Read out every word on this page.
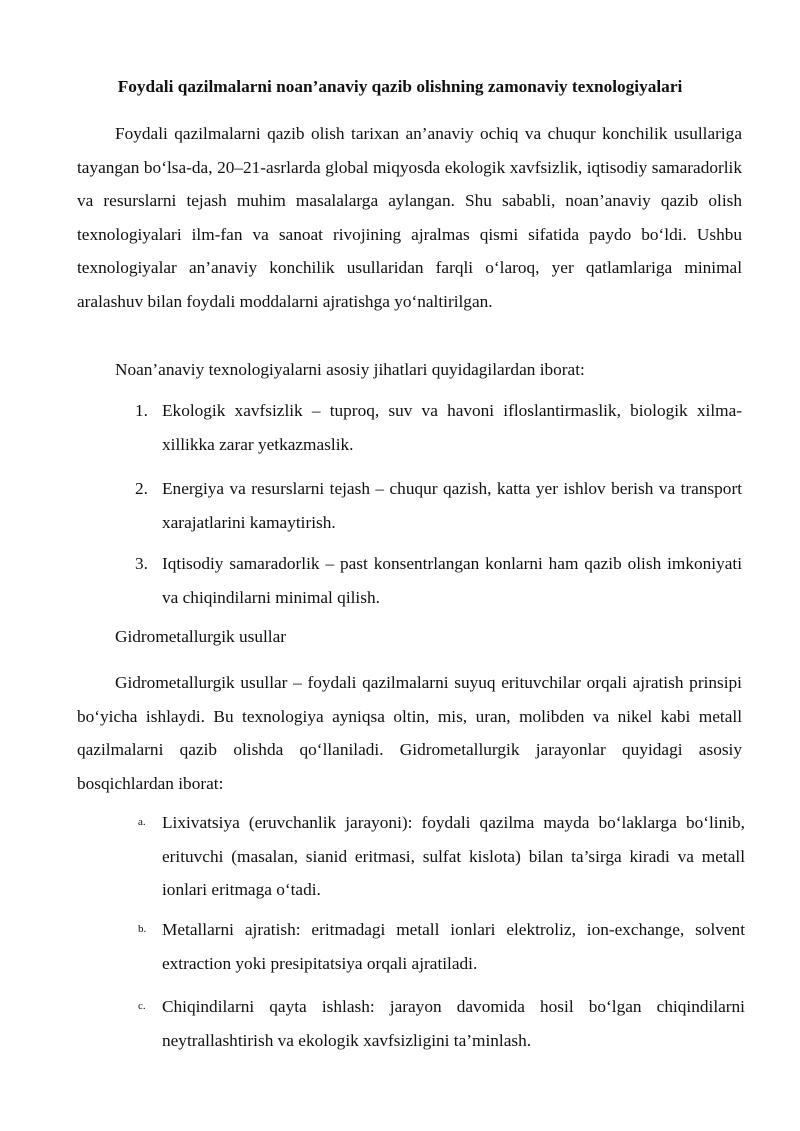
Foydali qazilmalarni noan’anaviy qazib olishning zamonaviy texnologiyalari

Foydali qazilmalarni qazib olish tarixan an’anaviy ochiq va chuqur konchilik usullariga tayangan bo‘lsa-da, 20–21-asrlarda global miqyosda ekologik xavfsizlik, iqtisodiy samaradorlik va resurslarni tejash muhim masalalarga aylangan. Shu sababli, noan’anaviy qazib olish texnologiyalari ilm-fan va sanoat rivojining ajralmas qismi sifatida paydo bo‘ldi. Ushbu texnologiyalar an’anaviy konchilik usullaridan farqli o‘laroq, yer qatlamlariga minimal aralashuv bilan foydali moddalarni ajratishga yo‘naltirilgan.

Noan’anaviy texnologiyalarni asosiy jihatlari quyidagilardan iborat:

1. Ekologik xavfsizlik – tuproq, suv va havoni ifloslantirmaslik, biologik xilma-xillikka zarar yetkazmaslik.
2. Energiya va resurslarni tejash – chuqur qazish, katta yer ishlov berish va transport xarajatlarini kamaytirish.
3. Iqtisodiy samaradorlik – past konsentrlangan konlarni ham qazib olish imkoniyati va chiqindilarni minimal qilish.

Gidrometallurgik usullar

Gidrometallurgik usullar – foydali qazilmalarni suyuq erituvchilar orqali ajratish prinsipi bo‘yicha ishlaydi. Bu texnologiya ayniqsa oltin, mis, uran, molibden va nikel kabi metall qazilmalarni qazib olishda qo‘llaniladi. Gidrometallurgik jarayonlar quyidagi asosiy bosqichlardan iborat:

a. Lixivatsiya (eruvchanlik jarayoni): foydali qazilma mayda bo‘laklarga bo‘linib, erituvchi (masalan, sianid eritmasi, sulfat kislota) bilan ta’sirga kiradi va metall ionlari eritmaga o‘tadi.
b. Metallarni ajratish: eritmadagi metall ionlari elektroliz, ion-exchange, solvent extraction yoki presipitatsiya orqali ajratiladi.
c. Chiqindilarni qayta ishlash: jarayon davomida hosil bo‘lgan chiqindilarni neytrallashtirish va ekologik xavfsizligini ta’minlash.
